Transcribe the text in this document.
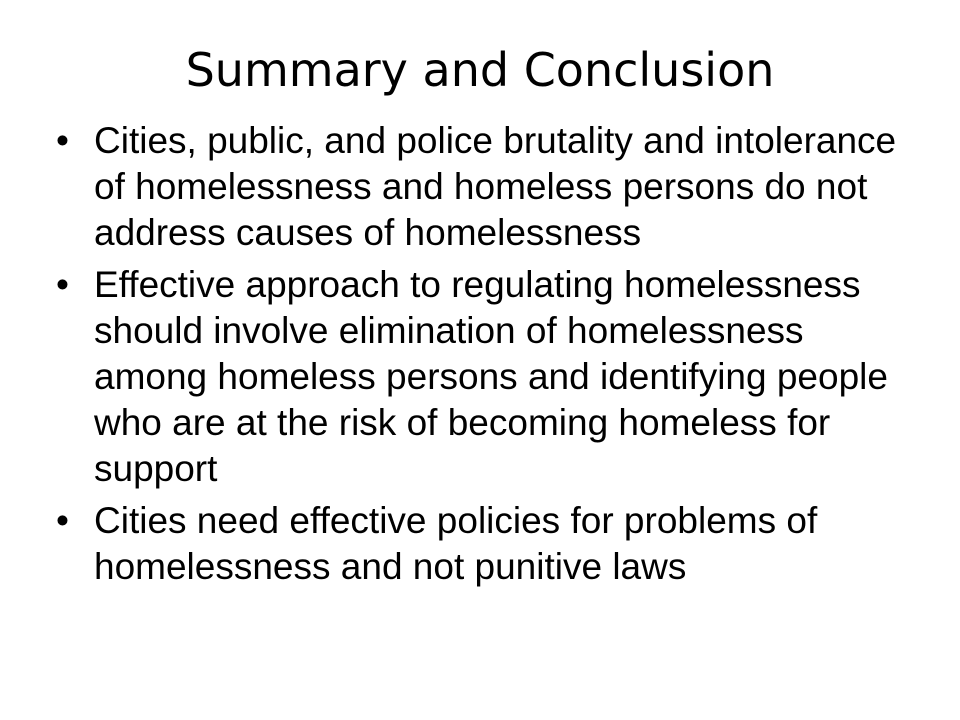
Summary and Conclusion
• Cities, public, and police brutality and intolerance of homelessness and homeless persons do not address causes of homelessness
• Effective approach to regulating homelessness should involve elimination of homelessness among homeless persons and identifying people who are at the risk of becoming homeless for support
• Cities need effective policies for problems of homelessness and not punitive laws
